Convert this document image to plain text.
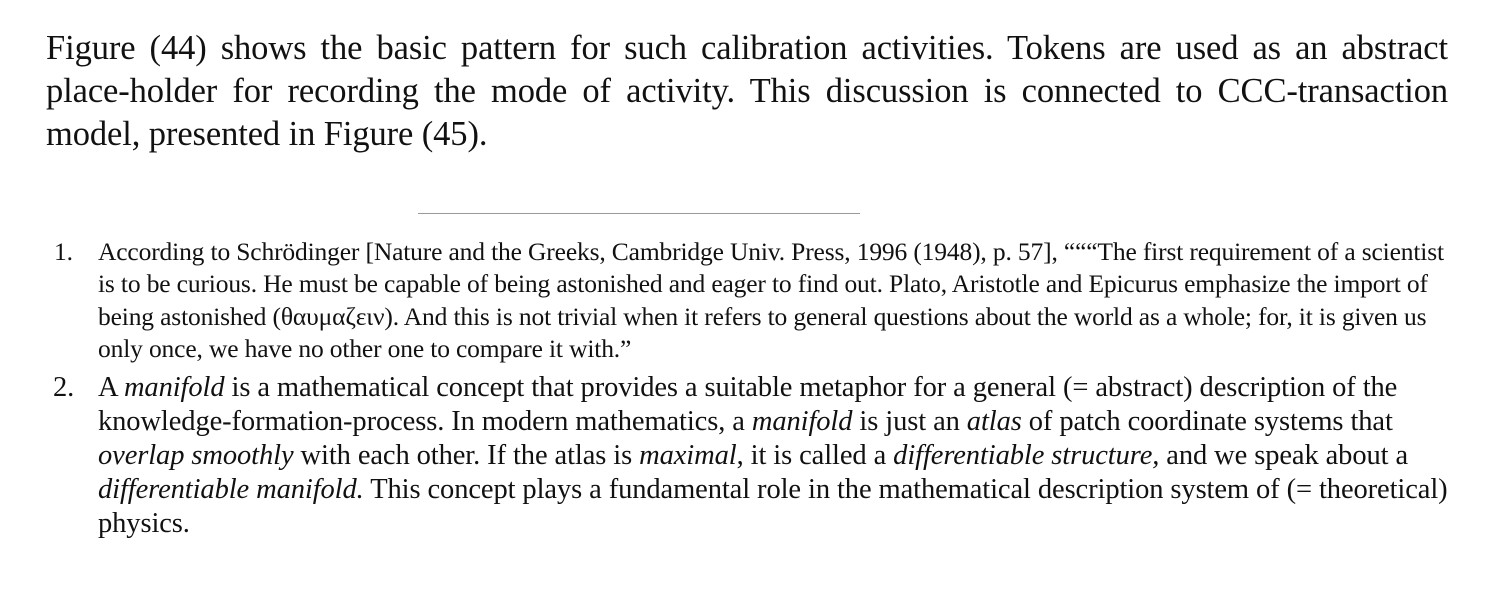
Figure (44) shows the basic pattern for such calibration activities. Tokens are used as an abstract place-holder for recording the mode of activity. This discussion is connected to CCC-transaction model, presented in Figure (45).

1. According to Schrödinger [Nature and the Greeks, Cambridge Univ. Press, 1996 (1948), p. 57], “““The first requirement of a scientist is to be curious. He must be capable of being astonished and eager to find out. Plato, Aristotle and Epicurus emphasize the import of being astonished (θαυμαζειν). And this is not trivial when it refers to general questions about the world as a whole; for, it is given us only once, we have no other one to compare it with.”
2. A manifold is a mathematical concept that provides a suitable metaphor for a general (= abstract) description of the knowledge-formation-process. In modern mathematics, a manifold is just an atlas of patch coordinate systems that overlap smoothly with each other. If the atlas is maximal, it is called a differentiable structure, and we speak about a differentiable manifold. This concept plays a fundamental role in the mathematical description system of (= theoretical) physics.
